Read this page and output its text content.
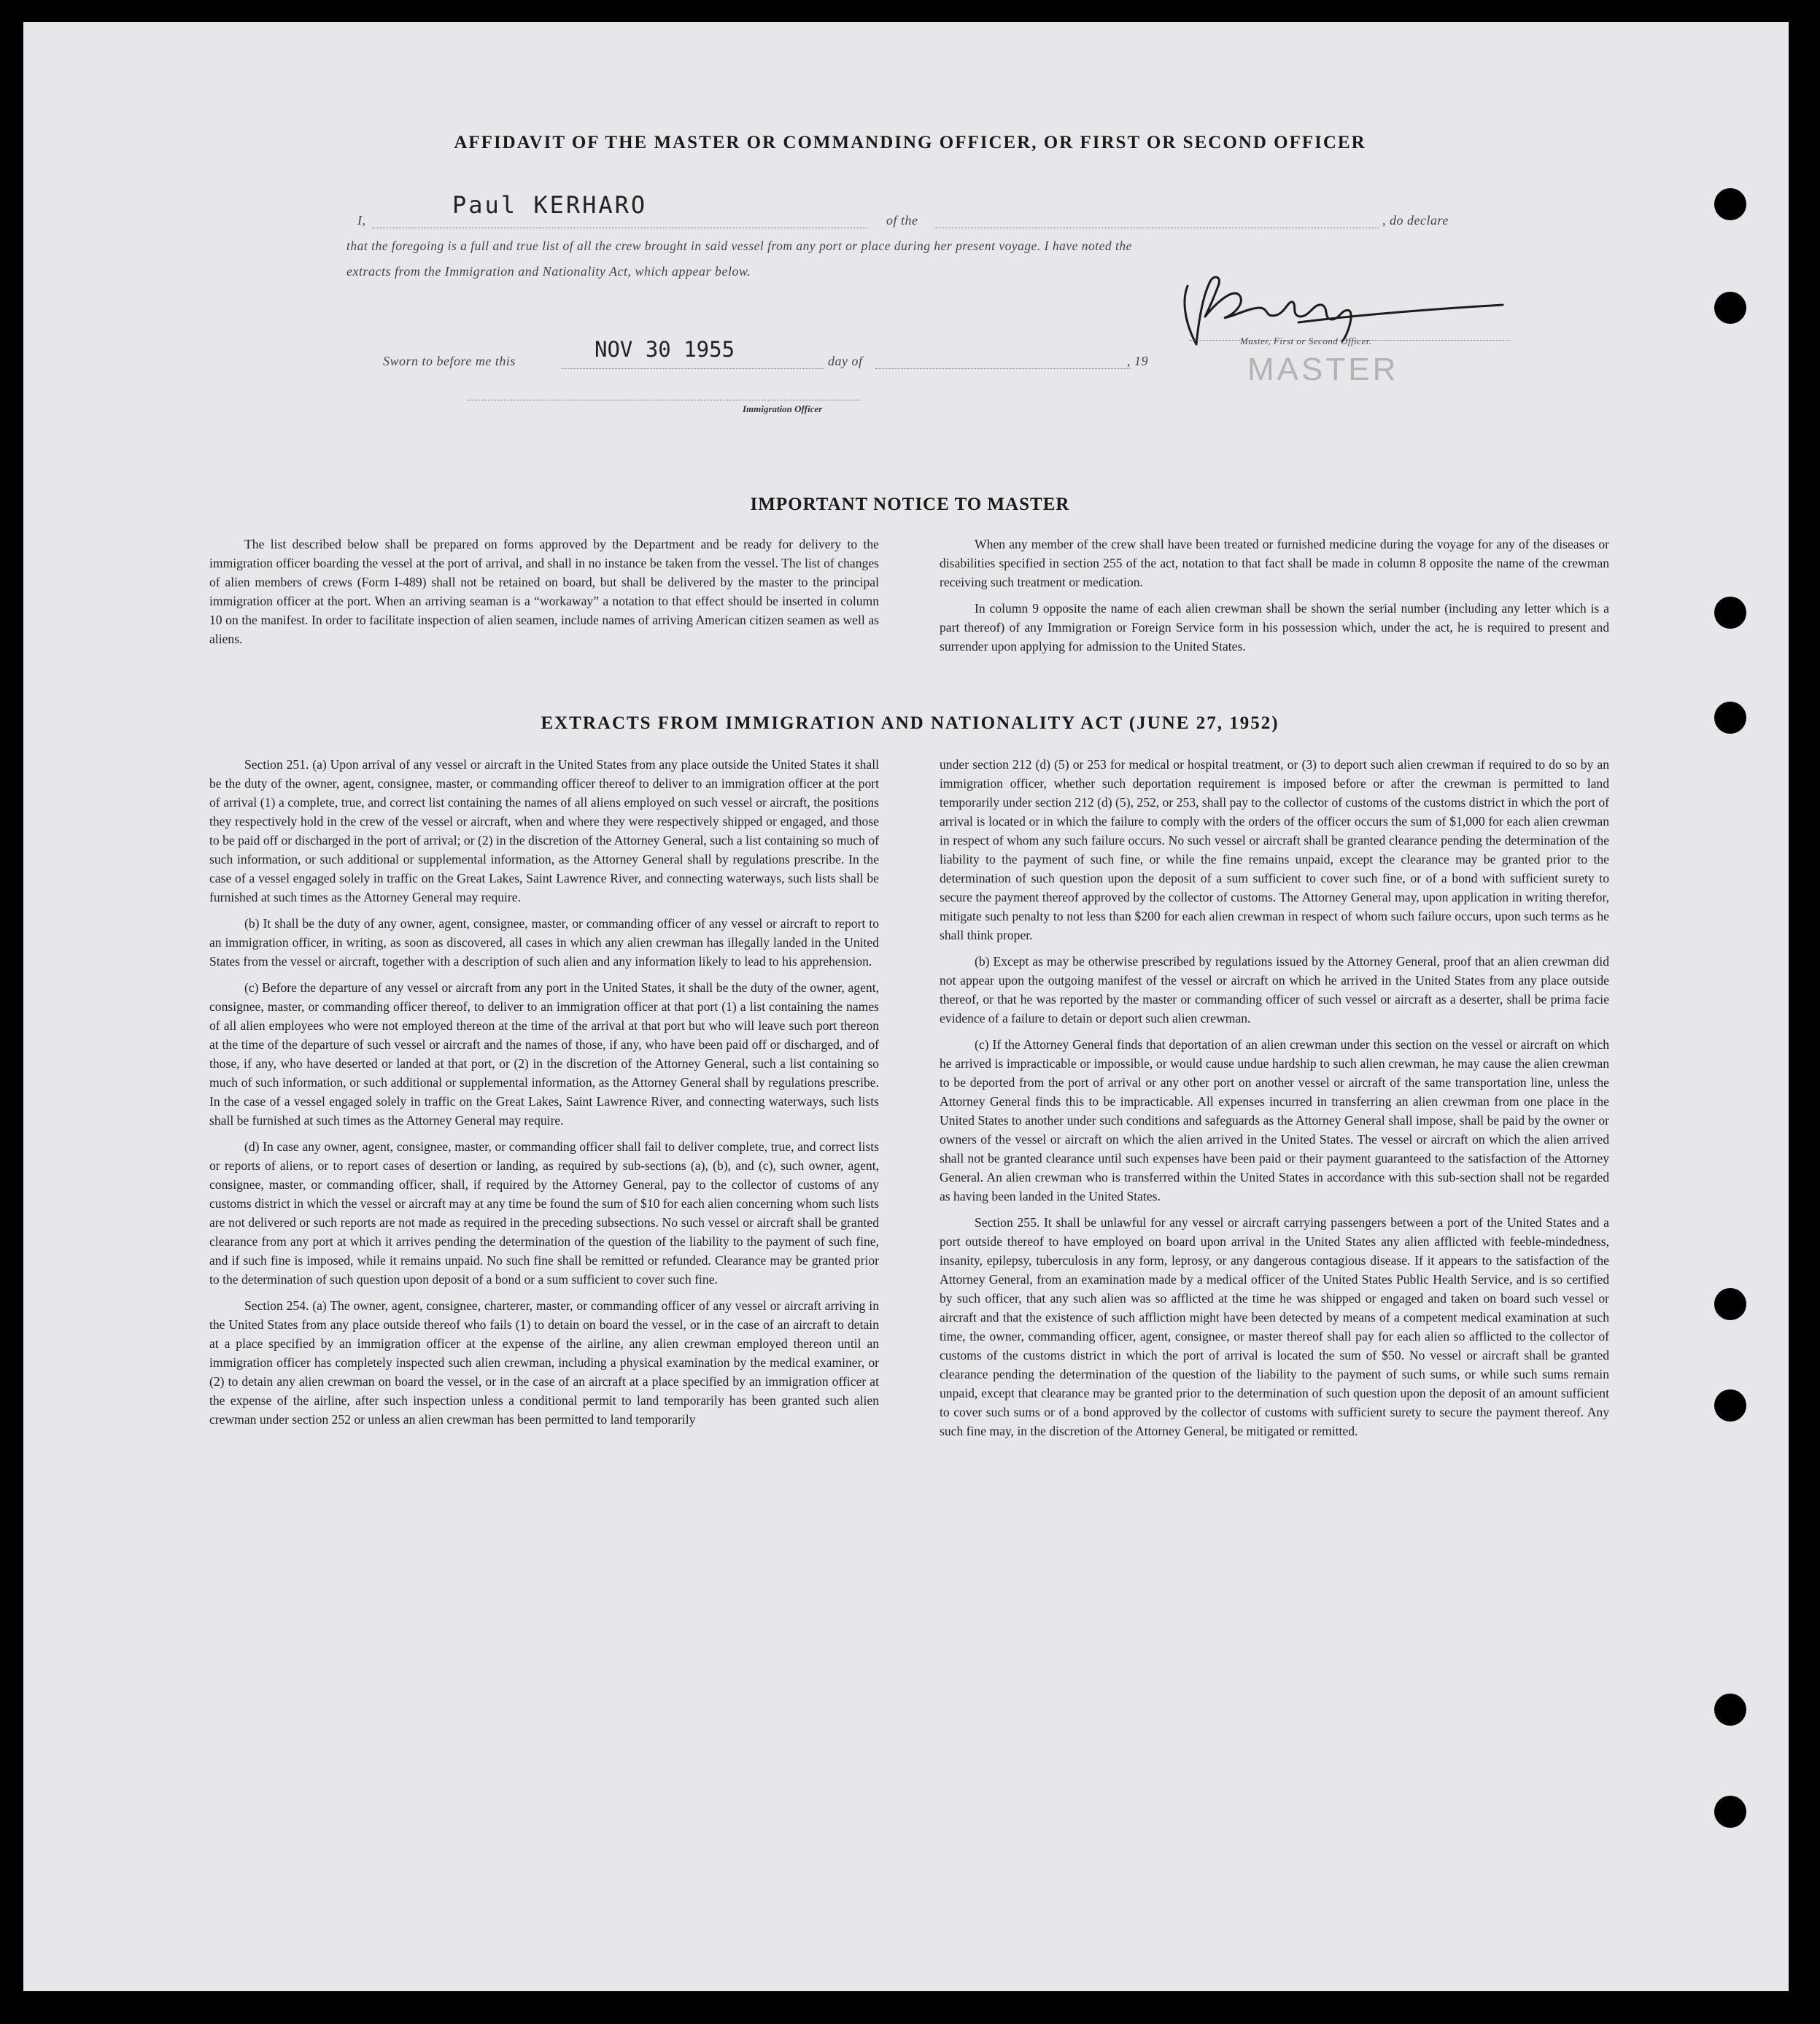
AFFIDAVIT OF THE MASTER OR COMMANDING OFFICER, OR FIRST OR SECOND OFFICER
I,
Paul KERHARO
of the	, do declare
that the foregoing is a full and true list of all the crew brought in said vessel from any port or place during her present voyage. I have noted the
extracts from the Immigration and Nationality Act, which appear below.
Master, First or Second Officer.
MASTER
Sworn to before me this	NOV 30 1955	day of	, 19
Immigration Officer
IMPORTANT NOTICE TO MASTER

The list described below shall be prepared on forms approved by the Department and be ready for delivery to the immigration officer boarding the vessel at the port of arrival, and shall in no instance be taken from the vessel. The list of changes of alien members of crews (Form I-489) shall not be retained on board, but shall be delivered by the master to the principal immigration officer at the port. When an arriving seaman is a “workaway” a notation to that effect should be inserted in column 10 on the manifest. In order to facilitate inspection of alien seamen, include names of arriving American citizen seamen as well as aliens.

When any member of the crew shall have been treated or furnished medicine during the voyage for any of the diseases or disabilities specified in section 255 of the act, notation to that fact shall be made in column 8 opposite the name of the crewman receiving such treatment or medication.

In column 9 opposite the name of each alien crewman shall be shown the serial number (including any letter which is a part thereof) of any Immigration or Foreign Service form in his possession which, under the act, he is required to present and surrender upon applying for admission to the United States.

EXTRACTS FROM IMMIGRATION AND NATIONALITY ACT (JUNE 27, 1952)

Section 251. (a) Upon arrival of any vessel or aircraft in the United States from any place outside the United States it shall be the duty of the owner, agent, consignee, master, or commanding officer thereof to deliver to an immigration officer at the port of arrival (1) a complete, true, and correct list containing the names of all aliens employed on such vessel or aircraft, the positions they respectively hold in the crew of the vessel or aircraft, when and where they were respectively shipped or engaged, and those to be paid off or discharged in the port of arrival; or (2) in the discretion of the Attorney General, such a list containing so much of such information, or such additional or supplemental information, as the Attorney General shall by regulations prescribe. In the case of a vessel engaged solely in traffic on the Great Lakes, Saint Lawrence River, and connecting waterways, such lists shall be furnished at such times as the Attorney General may require.

(b) It shall be the duty of any owner, agent, consignee, master, or commanding officer of any vessel or aircraft to report to an immigration officer, in writing, as soon as discovered, all cases in which any alien crewman has illegally landed in the United States from the vessel or aircraft, together with a description of such alien and any information likely to lead to his apprehension.

(c) Before the departure of any vessel or aircraft from any port in the United States, it shall be the duty of the owner, agent, consignee, master, or commanding officer thereof, to deliver to an immigration officer at that port (1) a list containing the names of all alien employees who were not employed thereon at the time of the arrival at that port but who will leave such port thereon at the time of the departure of such vessel or aircraft and the names of those, if any, who have been paid off or discharged, and of those, if any, who have deserted or landed at that port, or (2) in the discretion of the Attorney General, such a list containing so much of such information, or such additional or supplemental information, as the Attorney General shall by regulations prescribe. In the case of a vessel engaged solely in traffic on the Great Lakes, Saint Lawrence River, and connecting waterways, such lists shall be furnished at such times as the Attorney General may require.

(d) In case any owner, agent, consignee, master, or commanding officer shall fail to deliver complete, true, and correct lists or reports of aliens, or to report cases of desertion or landing, as required by sub-sections (a), (b), and (c), such owner, agent, consignee, master, or commanding officer, shall, if required by the Attorney General, pay to the collector of customs of any customs district in which the vessel or aircraft may at any time be found the sum of $10 for each alien concerning whom such lists are not delivered or such reports are not made as required in the preceding subsections. No such vessel or aircraft shall be granted clearance from any port at which it arrives pending the determination of the question of the liability to the payment of such fine, and if such fine is imposed, while it remains unpaid. No such fine shall be remitted or refunded. Clearance may be granted prior to the determination of such question upon deposit of a bond or a sum sufficient to cover such fine.

Section 254. (a) The owner, agent, consignee, charterer, master, or commanding officer of any vessel or aircraft arriving in the United States from any place outside thereof who fails (1) to detain on board the vessel, or in the case of an aircraft to detain at a place specified by an immigration officer at the expense of the airline, any alien crewman employed thereon until an immigration officer has completely inspected such alien crewman, including a physical examination by the medical examiner, or (2) to detain any alien crewman on board the vessel, or in the case of an aircraft at a place specified by an immigration officer at the expense of the airline, after such inspection unless a conditional permit to land temporarily has been granted such alien crewman under section 252 or unless an alien crewman has been permitted to land temporarily

under section 212 (d) (5) or 253 for medical or hospital treatment, or (3) to deport such alien crewman if required to do so by an immigration officer, whether such deportation requirement is imposed before or after the crewman is permitted to land temporarily under section 212 (d) (5), 252, or 253, shall pay to the collector of customs of the customs district in which the port of arrival is located or in which the failure to comply with the orders of the officer occurs the sum of $1,000 for each alien crewman in respect of whom any such failure occurs. No such vessel or aircraft shall be granted clearance pending the determination of the liability to the payment of such fine, or while the fine remains unpaid, except the clearance may be granted prior to the determination of such question upon the deposit of a sum sufficient to cover such fine, or of a bond with sufficient surety to secure the payment thereof approved by the collector of customs. The Attorney General may, upon application in writing therefor, mitigate such penalty to not less than $200 for each alien crewman in respect of whom such failure occurs, upon such terms as he shall think proper.

(b) Except as may be otherwise prescribed by regulations issued by the Attorney General, proof that an alien crewman did not appear upon the outgoing manifest of the vessel or aircraft on which he arrived in the United States from any place outside thereof, or that he was reported by the master or commanding officer of such vessel or aircraft as a deserter, shall be prima facie evidence of a failure to detain or deport such alien crewman.

(c) If the Attorney General finds that deportation of an alien crewman under this section on the vessel or aircraft on which he arrived is impracticable or impossible, or would cause undue hardship to such alien crewman, he may cause the alien crewman to be deported from the port of arrival or any other port on another vessel or aircraft of the same transportation line, unless the Attorney General finds this to be impracticable. All expenses incurred in transferring an alien crewman from one place in the United States to another under such conditions and safeguards as the Attorney General shall impose, shall be paid by the owner or owners of the vessel or aircraft on which the alien arrived in the United States. The vessel or aircraft on which the alien arrived shall not be granted clearance until such expenses have been paid or their payment guaranteed to the satisfaction of the Attorney General. An alien crewman who is transferred within the United States in accordance with this sub-section shall not be regarded as having been landed in the United States.

Section 255. It shall be unlawful for any vessel or aircraft carrying passengers between a port of the United States and a port outside thereof to have employed on board upon arrival in the United States any alien afflicted with feeble-mindedness, insanity, epilepsy, tuberculosis in any form, leprosy, or any dangerous contagious disease. If it appears to the satisfaction of the Attorney General, from an examination made by a medical officer of the United States Public Health Service, and is so certified by such officer, that any such alien was so afflicted at the time he was shipped or engaged and taken on board such vessel or aircraft and that the existence of such affliction might have been detected by means of a competent medical examination at such time, the owner, commanding officer, agent, consignee, or master thereof shall pay for each alien so afflicted to the collector of customs of the customs district in which the port of arrival is located the sum of $50. No vessel or aircraft shall be granted clearance pending the determination of the question of the liability to the payment of such sums, or while such sums remain unpaid, except that clearance may be granted prior to the determination of such question upon the deposit of an amount sufficient to cover such sums or of a bond approved by the collector of customs with sufficient surety to secure the payment thereof. Any such fine may, in the discretion of the Attorney General, be mitigated or remitted.
